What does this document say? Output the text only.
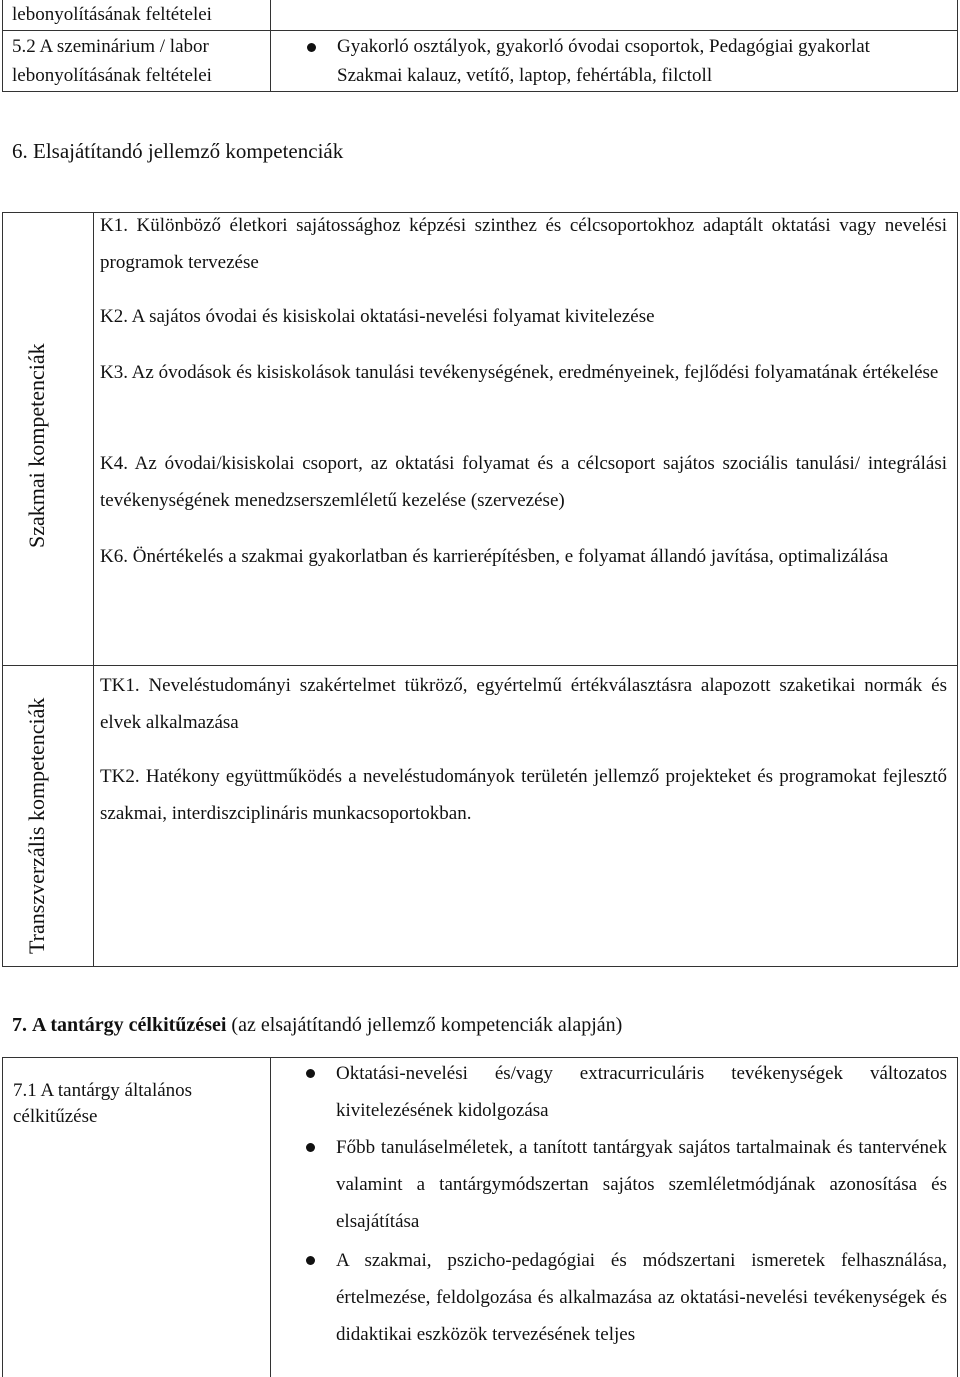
lebonyolításának feltételei
5.2 A szeminárium / labor lebonyolításának feltételei
Gyakorló osztályok, gyakorló óvodai csoportok, Pedagógiai gyakorlat
Szakmai kalauz, vetítő, laptop, fehértábla, filctoll
6. Elsajátítandó jellemző kompetenciák
Szakmai kompetenciák
Transzverzális kompetenciák
K1. Különböző életkori sajátossághoz képzési szinthez és célcsoportokhoz adaptált oktatási vagy nevelési programok tervezése
K2. A sajátos óvodai és kisiskolai oktatási-nevelési folyamat kivitelezése
K3. Az óvodások és kisiskolások tanulási tevékenységének, eredményeinek, fejlődési folyamatának értékelése
K4. Az óvodai/kisiskolai csoport, az oktatási folyamat és a célcsoport sajátos szociális tanulási/ integrálási tevékenységének menedzserszemléletű kezelése (szervezése)
K6. Önértékelés a szakmai gyakorlatban és karrierépítésben, e folyamat állandó javítása, optimalizálása
TK1. Neveléstudományi szakértelmet tükröző, egyértelmű értékválasztásra alapozott szaketikai normák és elvek alkalmazása
TK2. Hatékony együttműködés a neveléstudományok területén jellemző projekteket és programokat fejlesztő szakmai, interdiszciplináris munkacsoportokban.
7. A tantárgy célkitűzései (az elsajátítandó jellemző kompetenciák alapján)
7.1 A tantárgy általános célkitűzése
Oktatási-nevelési és/vagy extracurriculáris tevékenységek változatos kivitelezésének kidolgozása
Főbb tanuláselméletek, a tanított tantárgyak sajátos tartalmainak és tantervének valamint a tantárgymódszertan sajátos szemléletmódjának azonosítása és elsajátítása
A szakmai, pszicho-pedagógiai és módszertani ismeretek felhasználása, értelmezése, feldolgozása és alkalmazása az oktatási-nevelési tevékenységek és didaktikai eszközök tervezésének teljes
